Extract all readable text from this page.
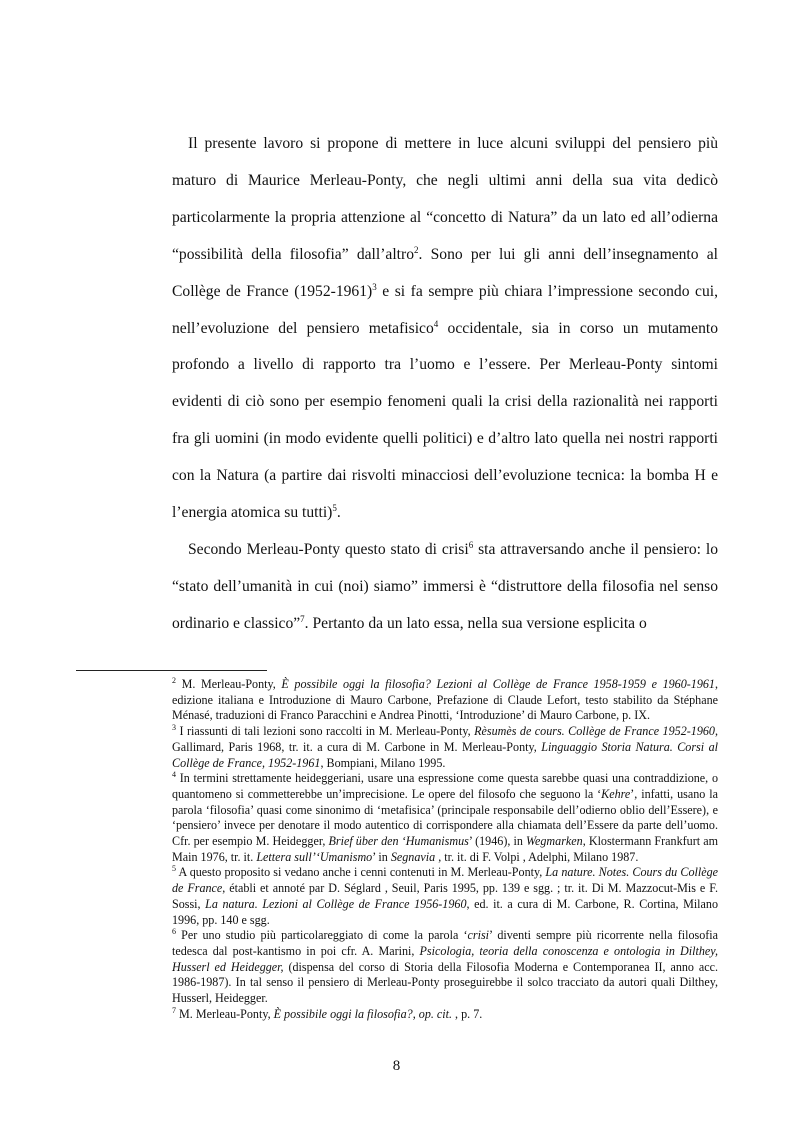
Il presente lavoro si propone di mettere in luce alcuni sviluppi del pensiero più maturo di Maurice Merleau-Ponty, che negli ultimi anni della sua vita dedicò particolarmente la propria attenzione al “concetto di Natura” da un lato ed all’odierna “possibilità della filosofia” dall’altro$^2$. Sono per lui gli anni dell’insegnamento al Collège de France (1952-1961)$^3$ e si fa sempre più chiara l’impressione secondo cui, nell’evoluzione del pensiero metafisico$^4$ occidentale, sia in corso un mutamento profondo a livello di rapporto tra l’uomo e l’essere. Per Merleau-Ponty sintomi evidenti di ciò sono per esempio fenomeni quali la crisi della razionalità nei rapporti fra gli uomini (in modo evidente quelli politici) e d’altro lato quella nei nostri rapporti con la Natura (a partire dai risvolti minacciosi dell’evoluzione tecnica: la bomba H e l’energia atomica su tutti)$^5$.

Secondo Merleau-Ponty questo stato di crisi$^6$ sta attraversando anche il pensiero: lo “stato dell’umanità in cui (noi) siamo” immersi è “distruttore della filosofia nel senso ordinario e classico”$^7$. Pertanto da un lato essa, nella sua versione esplicita o

$^2$ M. Merleau-Ponty, È possibile oggi la filosofia? Lezioni al Collège de France 1958-1959 e 1960-1961, edizione italiana e Introduzione di Mauro Carbone, Prefazione di Claude Lefort, testo stabilito da Stéphane Ménasé, traduzioni di Franco Paracchini e Andrea Pinotti, ‘Introduzione’ di Mauro Carbone, p. IX.

$^3$ I riassunti di tali lezioni sono raccolti in M. Merleau-Ponty, Rèsumès de cours. Collège de France 1952-1960, Gallimard, Paris 1968, tr. it. a cura di M. Carbone in M. Merleau-Ponty, Linguaggio Storia Natura. Corsi al Collège de France, 1952-1961, Bompiani, Milano 1995.

$^4$ In termini strettamente heideggeriani, usare una espressione come questa sarebbe quasi una contraddizione, o quantomeno si commetterebbe un’imprecisione. Le opere del filosofo che seguono la ‘Kehre’, infatti, usano la parola ‘filosofia’ quasi come sinonimo di ‘metafisica’ (principale responsabile dell’odierno oblio dell’Essere), e ‘pensiero’ invece per denotare il modo autentico di corrispondere alla chiamata dell’Essere da parte dell’uomo. Cfr. per esempio M. Heidegger, Brief über den ‘Humanismus’ (1946), in Wegmarken, Klostermann Frankfurt am Main 1976, tr. it. Lettera sull’‘Umanismo’ in Segnavia , tr. it. di F. Volpi , Adelphi, Milano 1987.

$^5$ A questo proposito si vedano anche i cenni contenuti in M. Merleau-Ponty, La nature. Notes. Cours du Collège de France, établi et annoté par D. Séglard , Seuil, Paris 1995, pp. 139 e sgg. ; tr. it. Di M. Mazzocut-Mis e F. Sossi, La natura. Lezioni al Collège de France 1956-1960, ed. it. a cura di M. Carbone, R. Cortina, Milano 1996, pp. 140 e sgg.

$^6$ Per uno studio più particolareggiato di come la parola ‘crisi’ diventi sempre più ricorrente nella filosofia tedesca dal post-kantismo in poi cfr. A. Marini, Psicologia, teoria della conoscenza e ontologia in Dilthey, Husserl ed Heidegger, (dispensa del corso di Storia della Filosofia Moderna e Contemporanea II, anno acc. 1986-1987). In tal senso il pensiero di Merleau-Ponty proseguirebbe il solco tracciato da autori quali Dilthey, Husserl, Heidegger.

$^7$ M. Merleau-Ponty, È possibile oggi la filosofia?, op. cit. , p. 7.

8
